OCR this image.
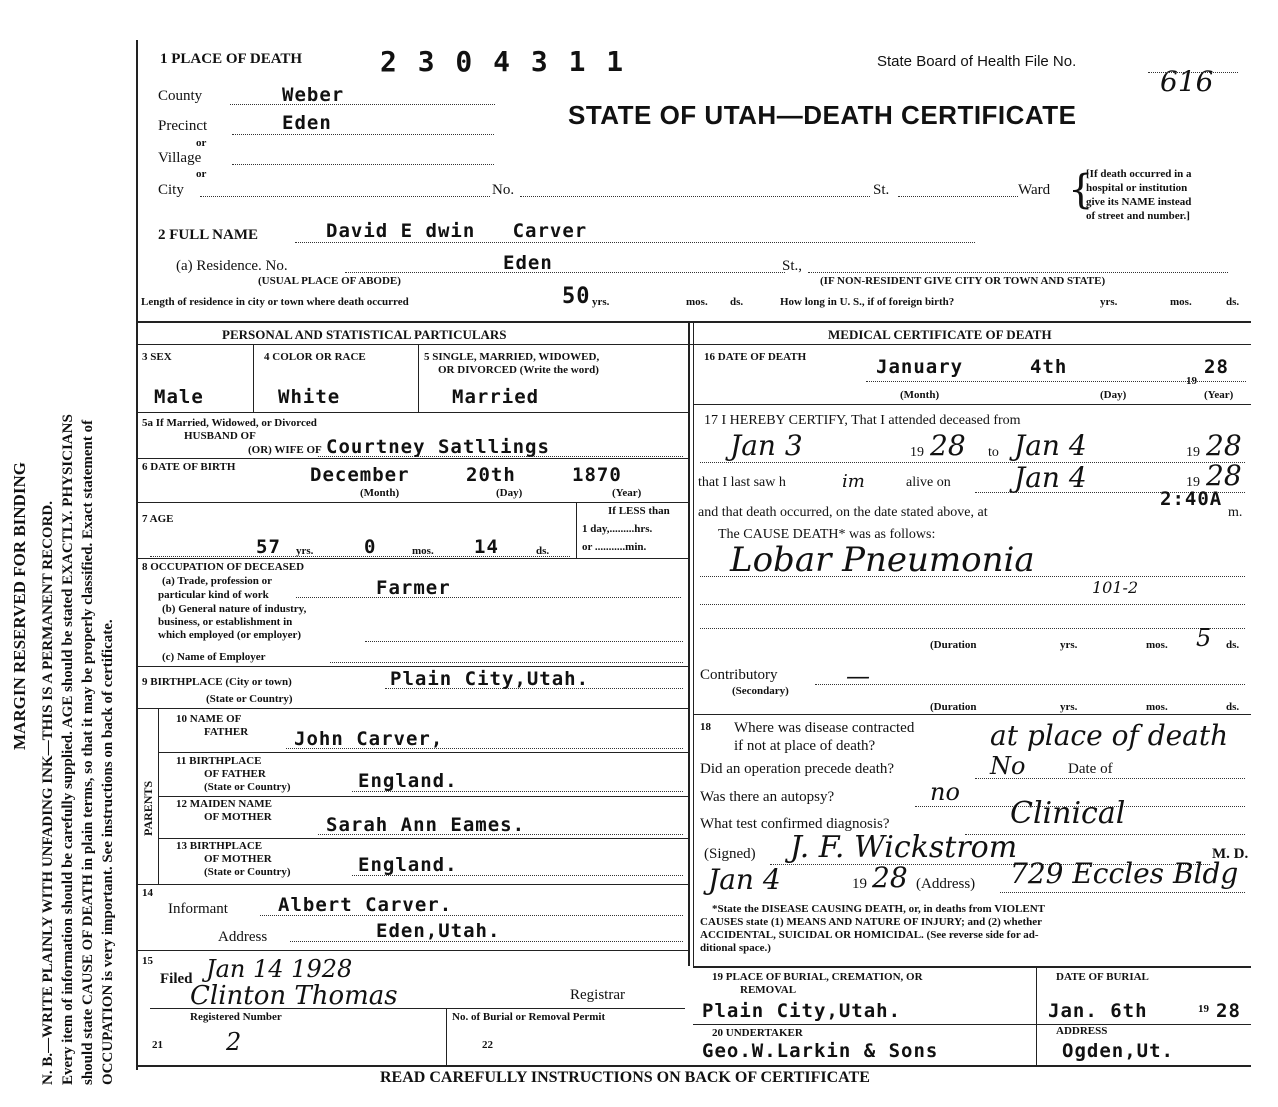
MARGIN RESERVED FOR BINDING N. B.—WRITE PLAINLY WITH UNFADING INK—THIS IS A PERMANENT RECORD. Every item of information should be carefully supplied. AGE should be stated EXACTLY. PHYSICIANS should state CAUSE OF DEATH in plain terms, so that it may be properly classified. Exact statement of OCCUPATION is very important. See instructions on back of certificate.
1 PLACE OF DEATH	2 3 0 4 3 1 1	State Board of Health File No.
616
STATE OF UTAH—DEATH CERTIFICATE
County	Weber
Precinct	Eden
or
Village
or
City	No.	St.	Ward {
[If death occurred in a
hospital or institution
give its NAME instead
of street and number.]
2 FULL NAME	David E dwin   Carver
(a) Residence. No.	Eden	St.,
(USUAL PLACE OF ABODE)	(IF NON-RESIDENT GIVE CITY OR TOWN AND STATE)
Length of residence in city or town where death occurred	50 yrs.	mos. ds.	How long in U. S., if of foreign birth?	yrs.	mos.	ds.
PERSONAL AND STATISTICAL PARTICULARS	MEDICAL CERTIFICATE OF DEATH
3 SEX
Male
4 COLOR OR RACE
White
5 SINGLE, MARRIED, WIDOWED,
OR DIVORCED (Write the word)
Married
5a If Married, Widowed, or Divorced
HUSBAND OF
(OR) WIFE OF Courtney Satllings
6 DATE OF BIRTH	December	20th	1870
(Month)	(Day)	(Year)
7 AGE
57 yrs.	0	mos. 14	ds.
If LESS than
1 day,.........hrs.
or ...........min.
8 OCCUPATION OF DECEASED
(a) Trade, profession or
particular kind of work	Farmer
(b) General nature of industry,
business, or establishment in
which employed (or employer)
(c) Name of Employer
9 BIRTHPLACE (City or town)
(State or Country)
Plain City,Utah.
PARENTS
10 NAME OF
FATHER John Carver,
11 BIRTHPLACE
OF FATHER
(State or Country)	England.
12 MAIDEN NAME
OF MOTHER	Sarah Ann Eames.
13 BIRTHPLACE
OF MOTHER
(State or Country)	England.
14
Informant	Albert Carver.
Address	Eden,Utah.
15
Filed Jan 14 1928
Clinton Thomas	Registrar
Registered Number	No. of Burial or Removal Permit
21	2	22
16 DATE OF DEATH	January	4th
19
28
(Month)	(Day)	(Year)
17 I HEREBY CERTIFY, That I attended deceased from
Jan 3	19 28 to Jan 4	19 28
that I last saw h	im	alive on Jan 4	19 28
and that death occurred, on the date stated above, at
2:40A
m.
The CAUSE DEATH* was as follows:
Lobar Pneumonia
101-2
(Duration	yrs.	mos. 5 ds.
Contributory
(Secondary)
—
(Duration	yrs.	mos.	ds.
18 Where was disease contracted
if not at place of death?	at place of death
Did an operation precede death?	No	Date of
Was there an autopsy?	no
What test confirmed diagnosis?	Clinical
(Signed) J. F. Wickstrom	M. D.
Jan 4	19 28 (Address) 729 Eccles Bldg
*State the DISEASE CAUSING DEATH, or, in deaths from VIOLENT
CAUSES state (1) MEANS AND NATURE OF INJURY; and (2) whether
ACCIDENTAL, SUICIDAL OR HOMICIDAL. (See reverse side for ad-
ditional space.)
19 PLACE OF BURIAL, CREMATION, OR
REMOVAL
Plain City,Utah.
DATE OF BURIAL
Jan. 6th	19 28
20 UNDERTAKER
Geo.W.Larkin & Sons
ADDRESS
Ogden,Ut.
READ CAREFULLY INSTRUCTIONS ON BACK OF CERTIFICATE
